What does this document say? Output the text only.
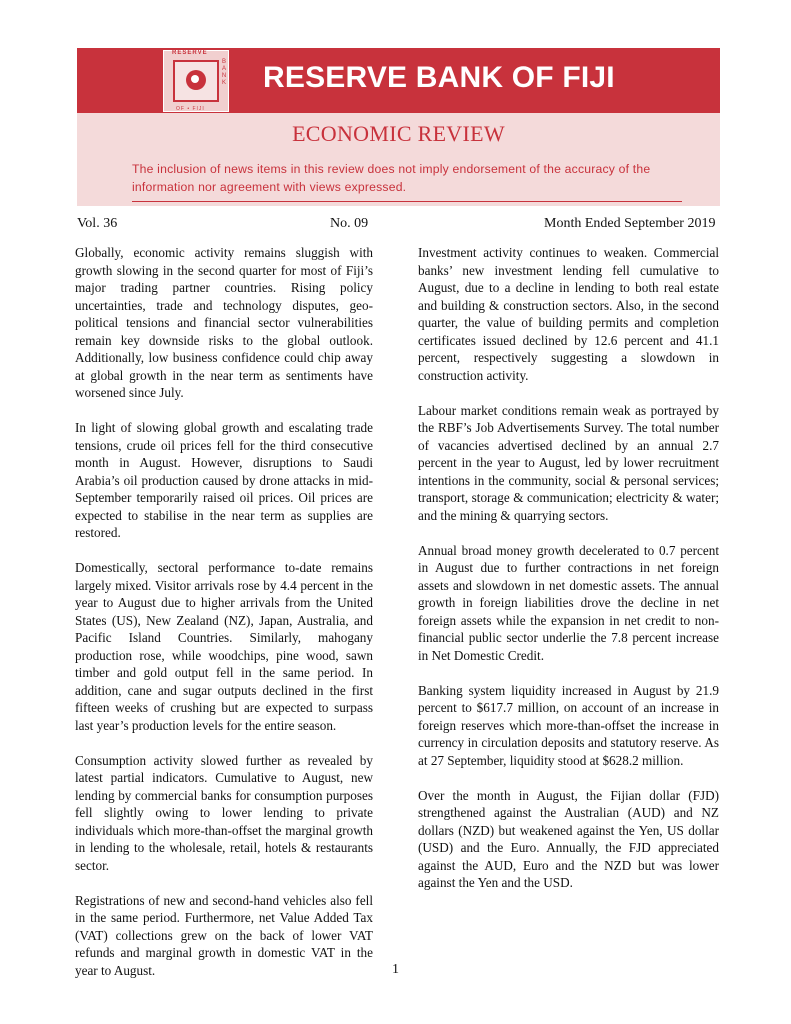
RESERVE
BANK
OF • FIJI
RESERVE BANK OF FIJI
ECONOMIC REVIEW
The inclusion of news items in this review does not imply endorsement of the accuracy of the information nor agreement with views expressed.
Vol. 36	No. 09	Month Ended September 2019

Globally, economic activity remains sluggish with growth slowing in the second quarter for most of Fiji’s major trading partner countries. Rising policy uncertainties, trade and technology disputes, geo-political tensions and financial sector vulnerabilities remain key downside risks to the global outlook. Additionally, low business confidence could chip away at global growth in the near term as sentiments have worsened since July.

In light of slowing global growth and escalating trade tensions, crude oil prices fell for the third consecutive month in August. However, disruptions to Saudi Arabia’s oil production caused by drone attacks in mid-September temporarily raised oil prices. Oil prices are expected to stabilise in the near term as supplies are restored.

Domestically, sectoral performance to-date remains largely mixed. Visitor arrivals rose by 4.4 percent in the year to August due to higher arrivals from the United States (US), New Zealand (NZ), Japan, Australia, and Pacific Island Countries. Similarly, mahogany production rose, while woodchips, pine wood, sawn timber and gold output fell in the same period. In addition, cane and sugar outputs declined in the first fifteen weeks of crushing but are expected to surpass last year’s production levels for the entire season.

Consumption activity slowed further as revealed by latest partial indicators. Cumulative to August, new lending by commercial banks for consumption purposes fell slightly owing to lower lending to private individuals which more-than-offset the marginal growth in lending to the wholesale, retail, hotels & restaurants sector.

Registrations of new and second-hand vehicles also fell in the same period. Furthermore, net Value Added Tax (VAT) collections grew on the back of lower VAT refunds and marginal growth in domestic VAT in the year to August.

Investment activity continues to weaken. Commercial banks’ new investment lending fell cumulative to August, due to a decline in lending to both real estate and building & construction sectors. Also, in the second quarter, the value of building permits and completion certificates issued declined by 12.6 percent and 41.1 percent, respectively suggesting a slowdown in construction activity.

Labour market conditions remain weak as portrayed by the RBF’s Job Advertisements Survey. The total number of vacancies advertised declined by an annual 2.7 percent in the year to August, led by lower recruitment intentions in the community, social & personal services; transport, storage & communication; electricity & water; and the mining & quarrying sectors.

Annual broad money growth decelerated to 0.7 percent in August due to further contractions in net foreign assets and slowdown in net domestic assets. The annual growth in foreign liabilities drove the decline in net foreign assets while the expansion in net credit to non-financial public sector underlie the 7.8 percent increase in Net Domestic Credit.

Banking system liquidity increased in August by 21.9 percent to $617.7 million, on account of an increase in foreign reserves which more-than-offset the increase in currency in circulation deposits and statutory reserve. As at 27 September, liquidity stood at $628.2 million.

Over the month in August, the Fijian dollar (FJD) strengthened against the Australian (AUD) and NZ dollars (NZD) but weakened against the Yen, US dollar (USD) and the Euro. Annually, the FJD appreciated against the AUD, Euro and the NZD but was lower against the Yen and the USD.

1
